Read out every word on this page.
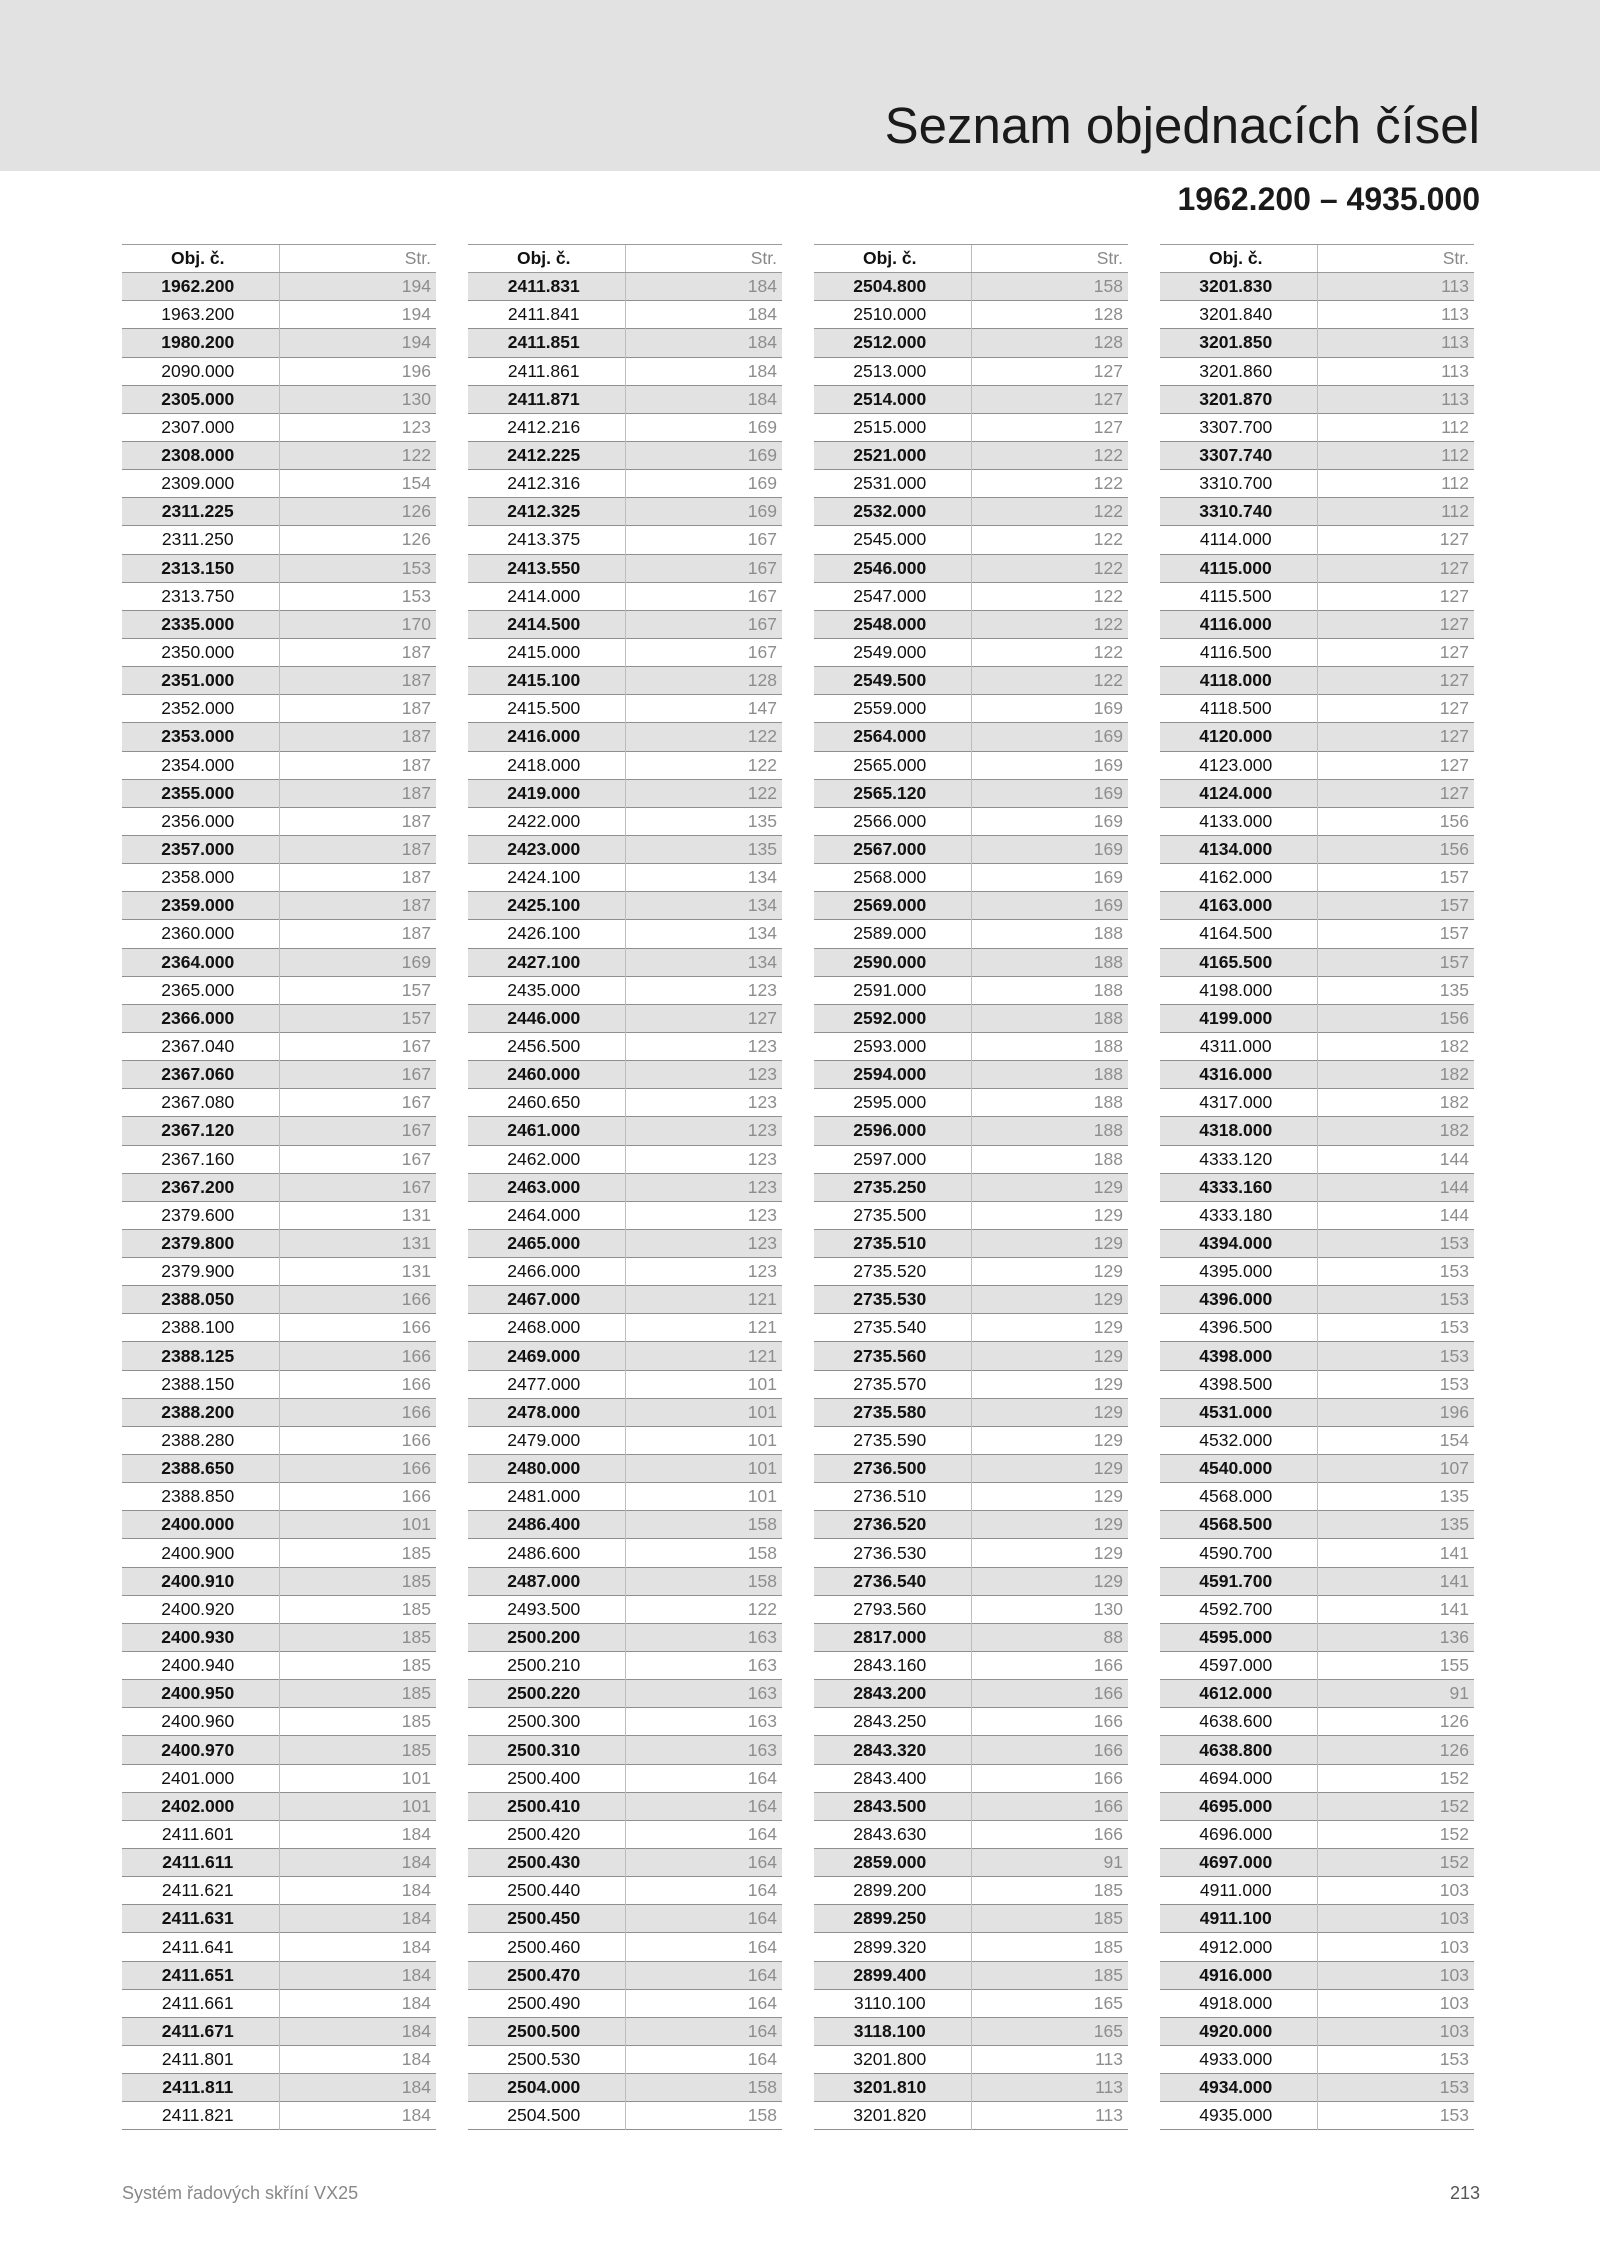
Seznam objednacích čísel
1962.200 – 4935.000
Obj. č.	Str.
1962.200	194
1963.200	194
1980.200	194
2090.000	196
2305.000	130
2307.000	123
2308.000	122
2309.000	154
2311.225	126
2311.250	126
2313.150	153
2313.750	153
2335.000	170
2350.000	187
2351.000	187
2352.000	187
2353.000	187
2354.000	187
2355.000	187
2356.000	187
2357.000	187
2358.000	187
2359.000	187
2360.000	187
2364.000	169
2365.000	157
2366.000	157
2367.040	167
2367.060	167
2367.080	167
2367.120	167
2367.160	167
2367.200	167
2379.600	131
2379.800	131
2379.900	131
2388.050	166
2388.100	166
2388.125	166
2388.150	166
2388.200	166
2388.280	166
2388.650	166
2388.850	166
2400.000	101
2400.900	185
2400.910	185
2400.920	185
2400.930	185
2400.940	185
2400.950	185
2400.960	185
2400.970	185
2401.000	101
2402.000	101
2411.601	184
2411.611	184
2411.621	184
2411.631	184
2411.641	184
2411.651	184
2411.661	184
2411.671	184
2411.801	184
2411.811	184
2411.821	184
Obj. č.	Str.
2411.831	184
2411.841	184
2411.851	184
2411.861	184
2411.871	184
2412.216	169
2412.225	169
2412.316	169
2412.325	169
2413.375	167
2413.550	167
2414.000	167
2414.500	167
2415.000	167
2415.100	128
2415.500	147
2416.000	122
2418.000	122
2419.000	122
2422.000	135
2423.000	135
2424.100	134
2425.100	134
2426.100	134
2427.100	134
2435.000	123
2446.000	127
2456.500	123
2460.000	123
2460.650	123
2461.000	123
2462.000	123
2463.000	123
2464.000	123
2465.000	123
2466.000	123
2467.000	121
2468.000	121
2469.000	121
2477.000	101
2478.000	101
2479.000	101
2480.000	101
2481.000	101
2486.400	158
2486.600	158
2487.000	158
2493.500	122
2500.200	163
2500.210	163
2500.220	163
2500.300	163
2500.310	163
2500.400	164
2500.410	164
2500.420	164
2500.430	164
2500.440	164
2500.450	164
2500.460	164
2500.470	164
2500.490	164
2500.500	164
2500.530	164
2504.000	158
2504.500	158
Obj. č.	Str.
2504.800	158
2510.000	128
2512.000	128
2513.000	127
2514.000	127
2515.000	127
2521.000	122
2531.000	122
2532.000	122
2545.000	122
2546.000	122
2547.000	122
2548.000	122
2549.000	122
2549.500	122
2559.000	169
2564.000	169
2565.000	169
2565.120	169
2566.000	169
2567.000	169
2568.000	169
2569.000	169
2589.000	188
2590.000	188
2591.000	188
2592.000	188
2593.000	188
2594.000	188
2595.000	188
2596.000	188
2597.000	188
2735.250	129
2735.500	129
2735.510	129
2735.520	129
2735.530	129
2735.540	129
2735.560	129
2735.570	129
2735.580	129
2735.590	129
2736.500	129
2736.510	129
2736.520	129
2736.530	129
2736.540	129
2793.560	130
2817.000	88
2843.160	166
2843.200	166
2843.250	166
2843.320	166
2843.400	166
2843.500	166
2843.630	166
2859.000	91
2899.200	185
2899.250	185
2899.320	185
2899.400	185
3110.100	165
3118.100	165
3201.800	113
3201.810	113
3201.820	113
Obj. č.	Str.
3201.830	113
3201.840	113
3201.850	113
3201.860	113
3201.870	113
3307.700	112
3307.740	112
3310.700	112
3310.740	112
4114.000	127
4115.000	127
4115.500	127
4116.000	127
4116.500	127
4118.000	127
4118.500	127
4120.000	127
4123.000	127
4124.000	127
4133.000	156
4134.000	156
4162.000	157
4163.000	157
4164.500	157
4165.500	157
4198.000	135
4199.000	156
4311.000	182
4316.000	182
4317.000	182
4318.000	182
4333.120	144
4333.160	144
4333.180	144
4394.000	153
4395.000	153
4396.000	153
4396.500	153
4398.000	153
4398.500	153
4531.000	196
4532.000	154
4540.000	107
4568.000	135
4568.500	135
4590.700	141
4591.700	141
4592.700	141
4595.000	136
4597.000	155
4612.000	91
4638.600	126
4638.800	126
4694.000	152
4695.000	152
4696.000	152
4697.000	152
4911.000	103
4911.100	103
4912.000	103
4916.000	103
4918.000	103
4920.000	103
4933.000	153
4934.000	153
4935.000	153
Systém řadových skříní VX25	213
